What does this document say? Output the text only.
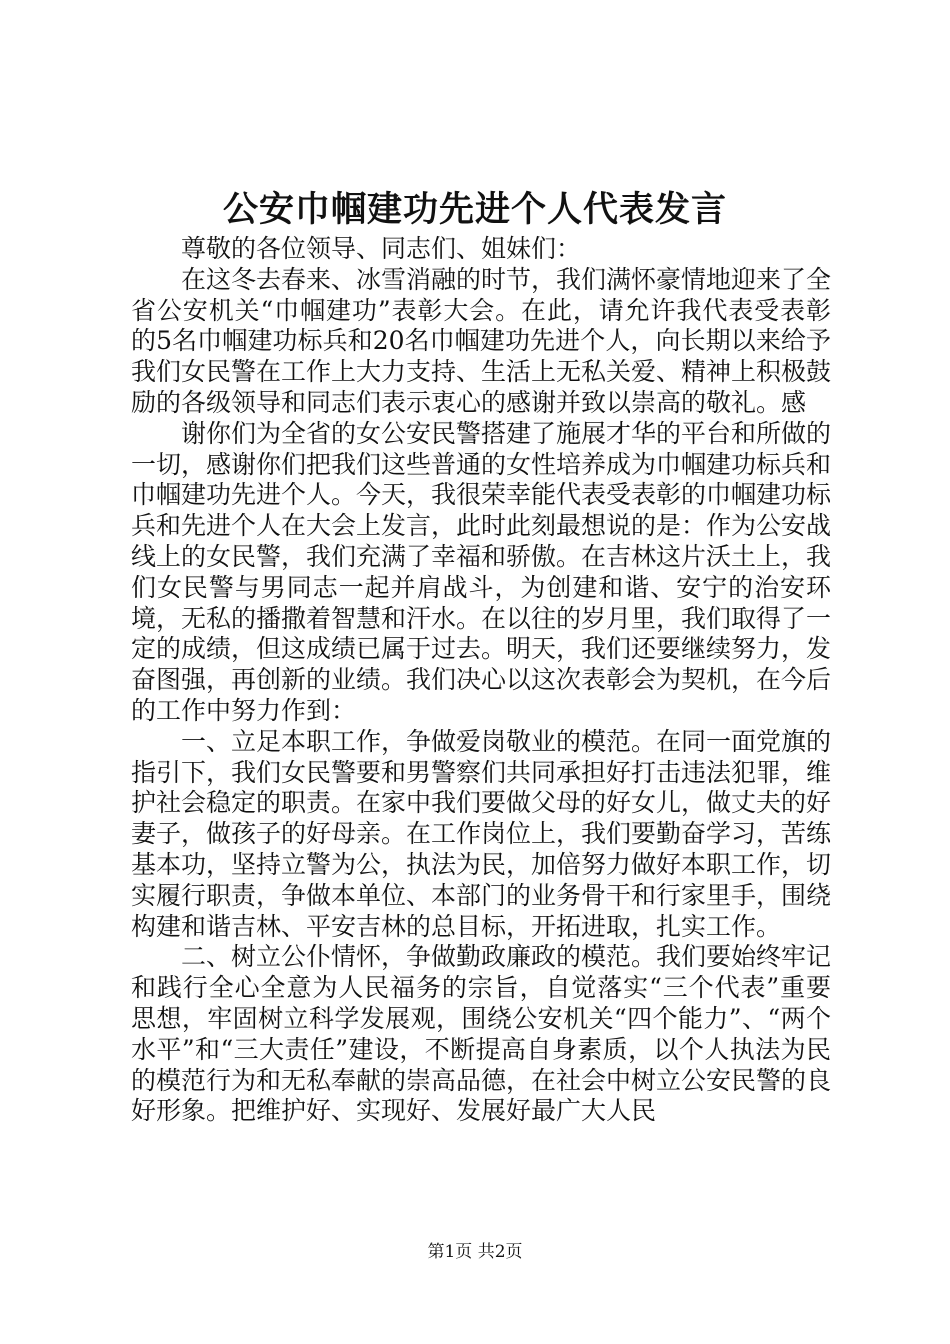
公安巾帼建功先进个人代表发言

尊敬的各位领导、同志们、姐妹们：

在这冬去春来、冰雪消融的时节，我们满怀豪情地迎来了全省公安机关“巾帼建功”表彰大会。在此，请允许我代表受表彰的5名巾帼建功标兵和20名巾帼建功先进个人，向长期以来给予我们女民警在工作上大力支持、生活上无私关爱、精神上积极鼓励的各级领导和同志们表示衷心的感谢并致以崇高的敬礼。感

谢你们为全省的女公安民警搭建了施展才华的平台和所做的一切，感谢你们把我们这些普通的女性培养成为巾帼建功标兵和巾帼建功先进个人。今天，我很荣幸能代表受表彰的巾帼建功标兵和先进个人在大会上发言，此时此刻最想说的是：作为公安战线上的女民警，我们充满了幸福和骄傲。在吉林这片沃土上，我们女民警与男同志一起并肩战斗，为创建和谐、安宁的治安环境，无私的播撒着智慧和汗水。在以往的岁月里，我们取得了一定的成绩，但这成绩已属于过去。明天，我们还要继续努力，发奋图强，再创新的业绩。我们决心以这次表彰会为契机，在今后的工作中努力作到：

一、立足本职工作，争做爱岗敬业的模范。在同一面党旗的指引下，我们女民警要和男警察们共同承担好打击违法犯罪，维护社会稳定的职责。在家中我们要做父母的好女儿，做丈夫的好妻子，做孩子的好母亲。在工作岗位上，我们要勤奋学习，苦练基本功，坚持立警为公，执法为民，加倍努力做好本职工作，切实履行职责，争做本单位、本部门的业务骨干和行家里手，围绕构建和谐吉林、平安吉林的总目标，开拓进取，扎实工作。

二、树立公仆情怀，争做勤政廉政的模范。我们要始终牢记和践行全心全意为人民福务的宗旨，自觉落实“三个代表”重要思想，牢固树立科学发展观，围绕公安机关“四个能力”、“两个水平”和“三大责任”建设，不断提高自身素质，以个人执法为民的模范行为和无私奉献的崇高品德，在社会中树立公安民警的良好形象。把维护好、实现好、发展好最广大人民

第1页 共2页
